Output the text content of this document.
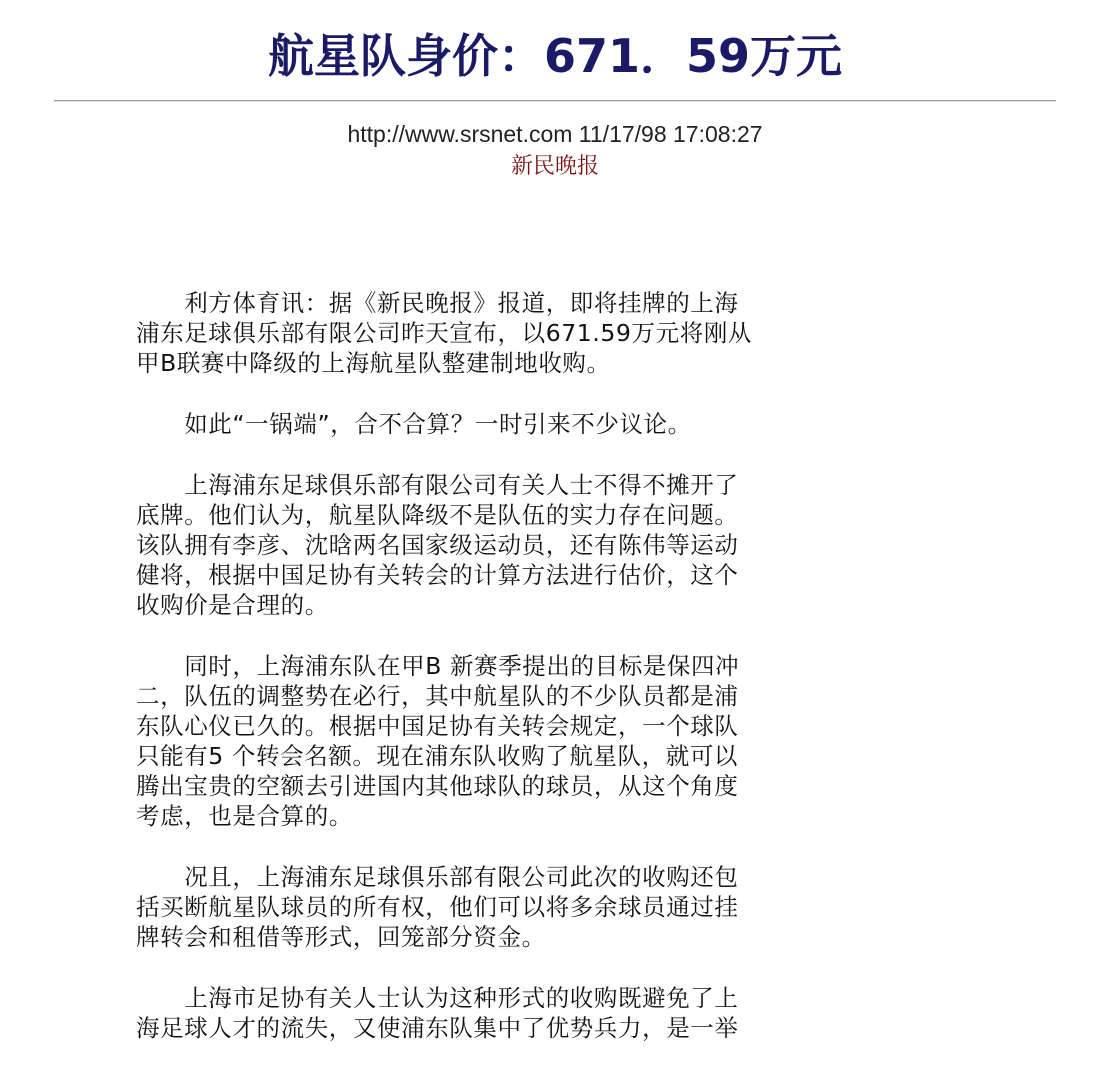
航星队身价：671．59万元
http://www.srsnet.com 11/17/98 17:08:27
新民晚报
　　利方体育讯：据《新民晚报》报道，即将挂牌的上海
浦东足球俱乐部有限公司昨天宣布，以671.59万元将刚从
甲B联赛中降级的上海航星队整建制地收购。
　　如此“一锅端”，合不合算？一时引来不少议论。
　　上海浦东足球俱乐部有限公司有关人士不得不摊开了
底牌。他们认为，航星队降级不是队伍的实力存在问题。
该队拥有李彦、沈晗两名国家级运动员，还有陈伟等运动
健将，根据中国足协有关转会的计算方法进行估价，这个
收购价是合理的。
　　同时，上海浦东队在甲B 新赛季提出的目标是保四冲
二，队伍的调整势在必行，其中航星队的不少队员都是浦
东队心仪已久的。根据中国足协有关转会规定，一个球队
只能有5 个转会名额。现在浦东队收购了航星队，就可以
腾出宝贵的空额去引进国内其他球队的球员，从这个角度
考虑，也是合算的。
　　况且，上海浦东足球俱乐部有限公司此次的收购还包
括买断航星队球员的所有权，他们可以将多余球员通过挂
牌转会和租借等形式，回笼部分资金。
　　上海市足协有关人士认为这种形式的收购既避免了上
海足球人才的流失，又使浦东队集中了优势兵力，是一举
